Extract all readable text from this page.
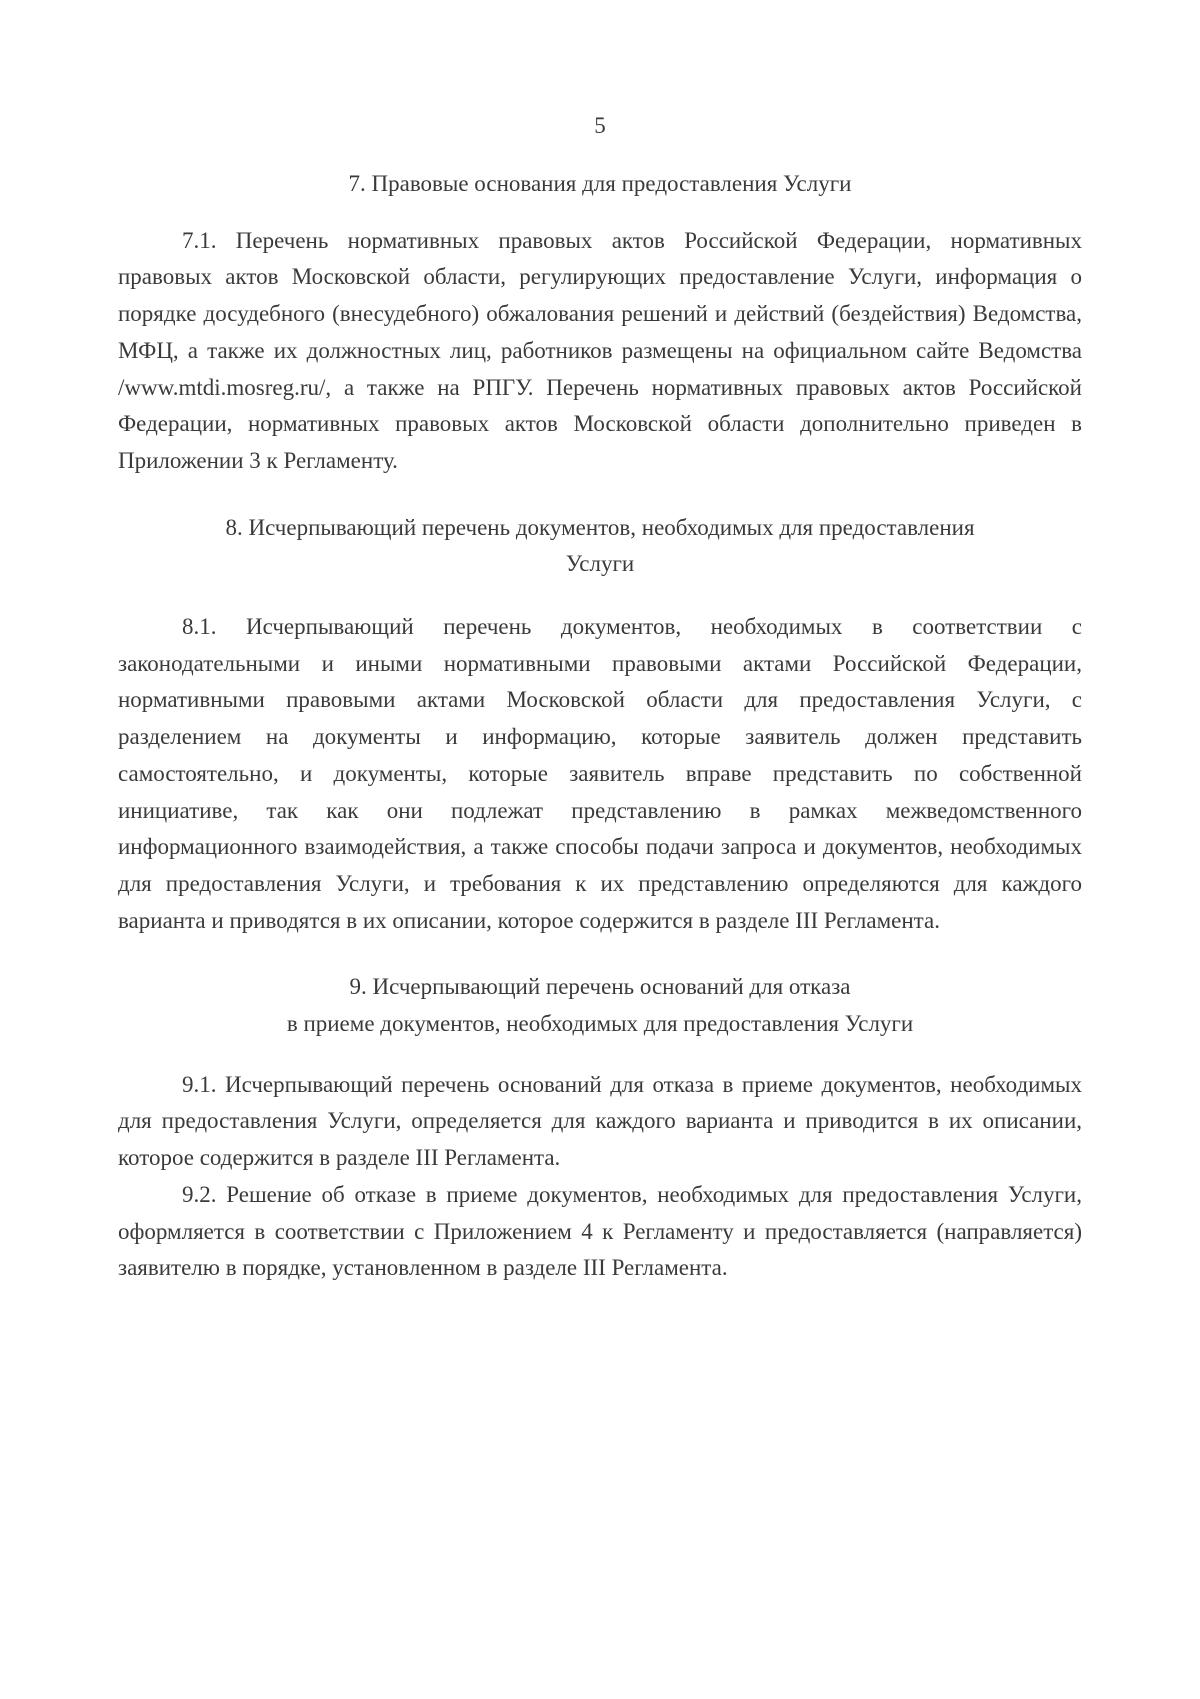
5
7. Правовые основания для предоставления Услуги

7.1. Перечень нормативных правовых актов Российской Федерации, нормативных правовых актов Московской области, регулирующих предоставление Услуги, информация о порядке досудебного (внесудебного) обжалования решений и действий (бездействия) Ведомства, МФЦ, а также их должностных лиц, работников размещены на официальном сайте Ведомства /www.mtdi.mosreg.ru/, а также на РПГУ. Перечень нормативных правовых актов Российской Федерации, нормативных правовых актов Московской области дополнительно приведен в Приложении 3 к Регламенту.

8. Исчерпывающий перечень документов, необходимых для предоставления
Услуги

8.1. Исчерпывающий перечень документов, необходимых в соответствии с законодательными и иными нормативными правовыми актами Российской Федерации, нормативными правовыми актами Московской области для предоставления Услуги, с разделением на документы и информацию, которые заявитель должен представить самостоятельно, и документы, которые заявитель вправе представить по собственной инициативе, так как они подлежат представлению в рамках межведомственного информационного взаимодействия, а также способы подачи запроса и документов, необходимых для предоставления Услуги, и требования к их представлению определяются для каждого варианта и приводятся в их описании, которое содержится в разделе III Регламента.

9. Исчерпывающий перечень оснований для отказа
в приеме документов, необходимых для предоставления Услуги

9.1. Исчерпывающий перечень оснований для отказа в приеме документов, необходимых для предоставления Услуги, определяется для каждого варианта и приводится в их описании, которое содержится в разделе III Регламента.

9.2. Решение об отказе в приеме документов, необходимых для предоставления Услуги, оформляется в соответствии с Приложением 4 к Регламенту и предоставляется (направляется) заявителю в порядке, установленном в разделе III Регламента.
